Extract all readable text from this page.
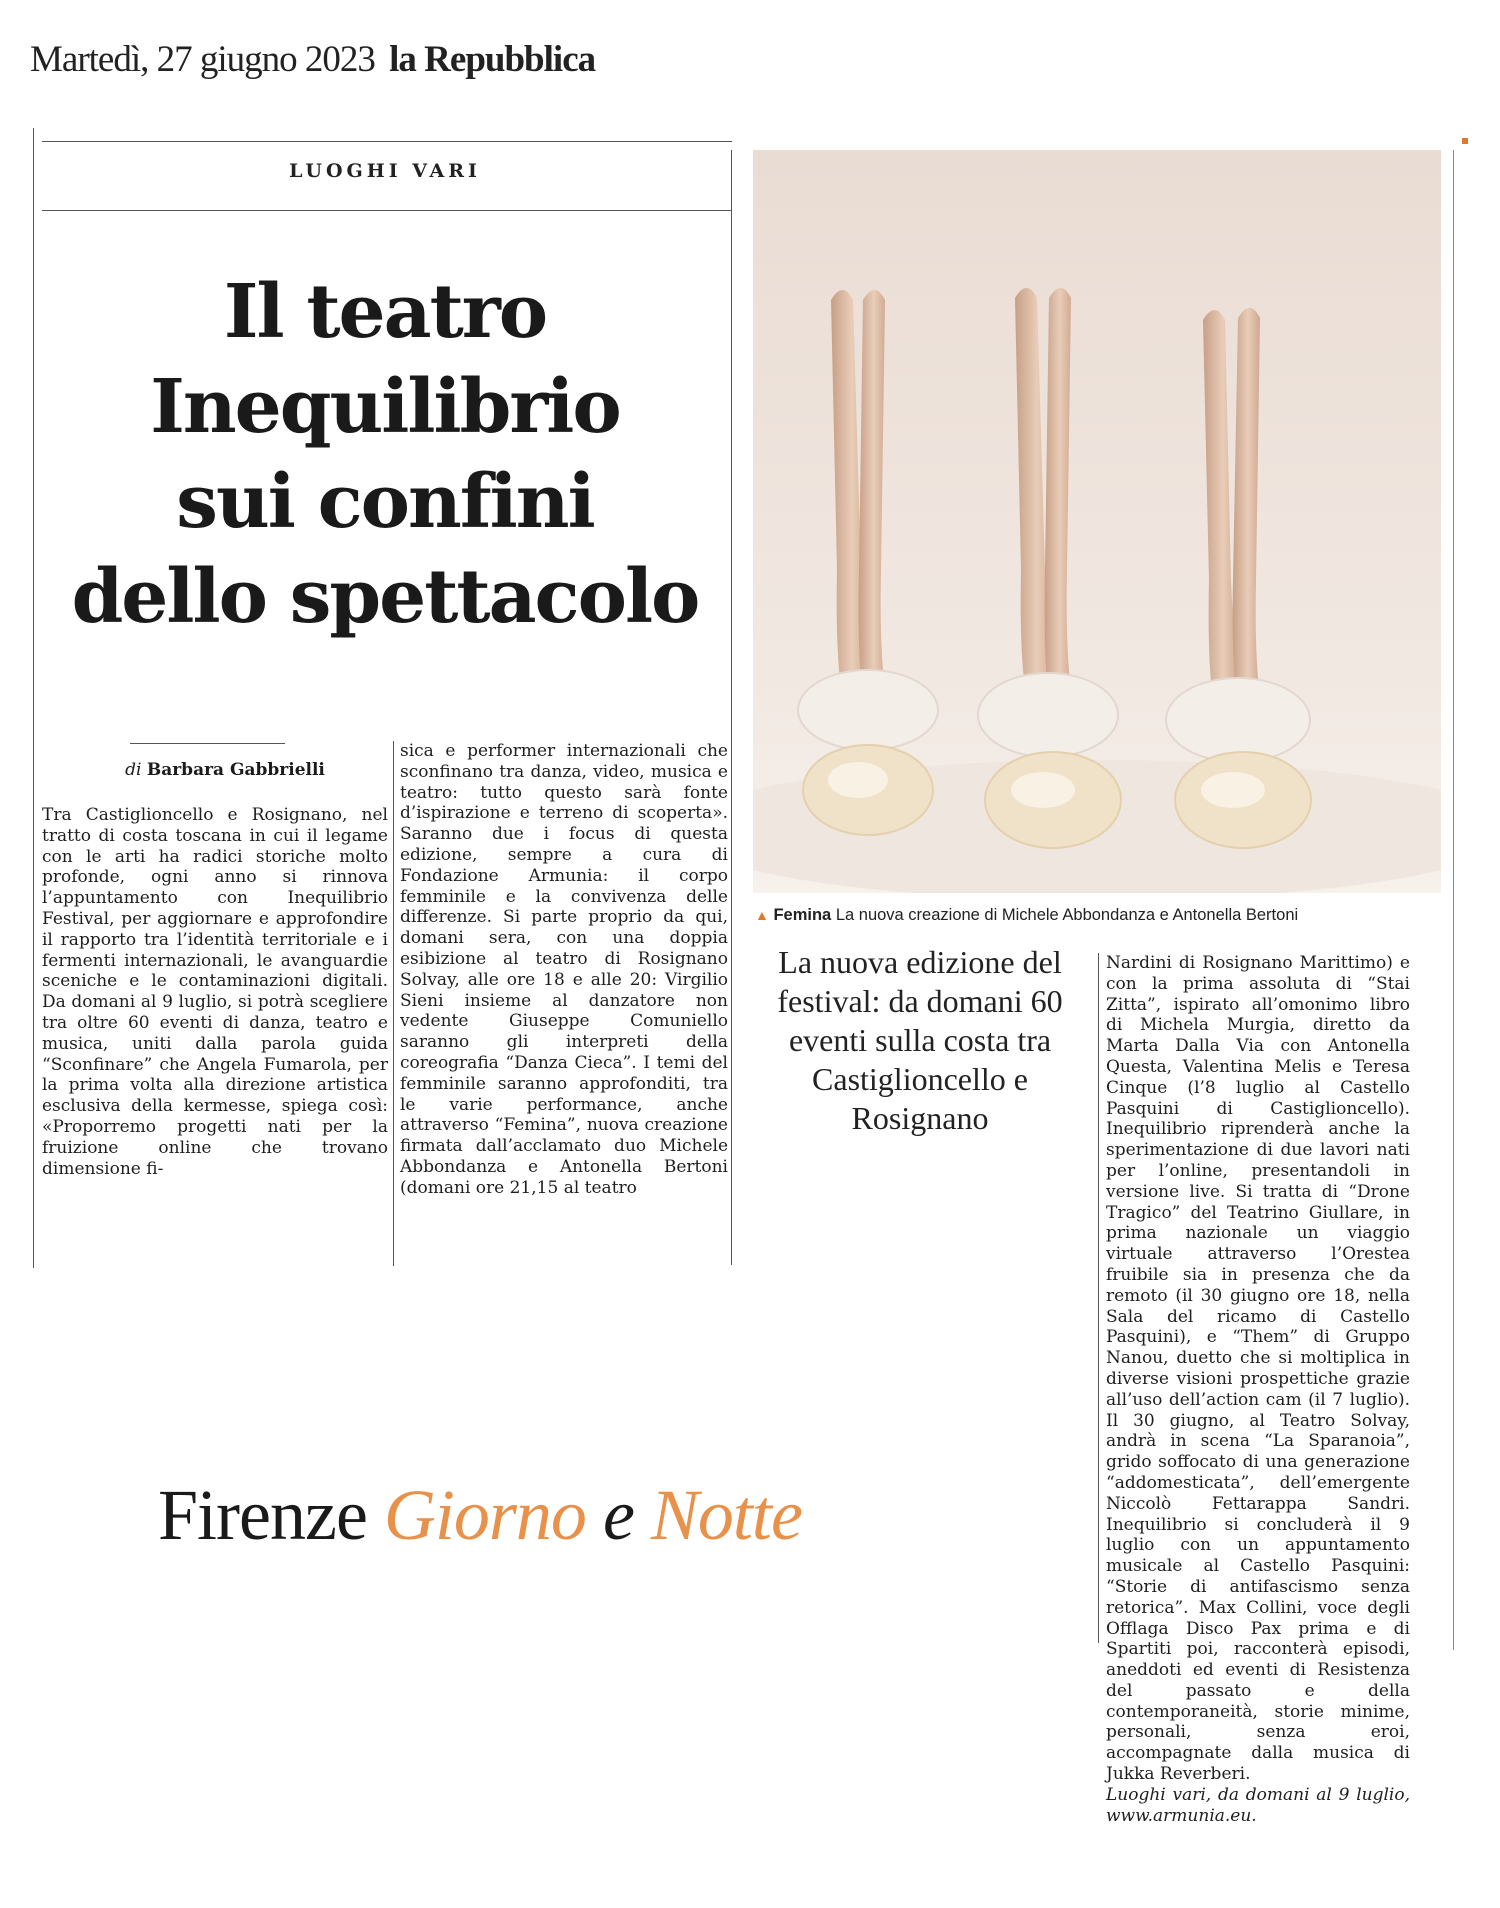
Martedì, 27 giugno 2023 la Repubblica
LUOGHI VARI
Il teatro
Inequilibrio
sui confini
dello spettacolo
di Barbara Gabbrielli

Tra Castiglioncello e Rosignano, nel tratto di costa toscana in cui il legame con le arti ha radici storiche molto profonde, ogni anno si rinnova l’appuntamento con Inequilibrio Festival, per aggiornare e approfondire il rapporto tra l’identità territoriale e i fermenti internazionali, le avanguardie sceniche e le contaminazioni digitali. Da domani al 9 luglio, si potrà scegliere tra oltre 60 eventi di danza, teatro e musica, uniti dalla parola guida “Sconfinare” che Angela Fumarola, per la prima volta alla direzione artistica esclusiva della kermesse, spiega così: «Proporremo progetti nati per la fruizione online che trovano dimensione fi-

sica e performer internazionali che sconfinano tra danza, video, musica e teatro: tutto questo sarà fonte d’ispirazione e terreno di scoperta». Saranno due i focus di questa edizione, sempre a cura di Fondazione Armunia: il corpo femminile e la convivenza delle differenze. Si parte proprio da qui, domani sera, con una doppia esibizione al teatro di Rosignano Solvay, alle ore 18 e alle 20: Virgilio Sieni insieme al danzatore non vedente Giuseppe Comuniello saranno gli interpreti della coreografia “Danza Cieca”. I temi del femminile saranno approfonditi, tra le varie performance, anche attraverso “Femina”, nuova creazione firmata dall’acclamato duo Michele Abbondanza e Antonella Bertoni (domani ore 21,15 al teatro

▲ Femina La nuova creazione di Michele Abbondanza e Antonella Bertoni

La nuova edizione del festival: da domani 60 eventi sulla costa tra Castiglioncello e Rosignano

Nardini di Rosignano Marittimo) e con la prima assoluta di “Stai Zitta”, ispirato all’omonimo libro di Michela Murgia, diretto da Marta Dalla Via con Antonella Questa, Valentina Melis e Teresa Cinque (l’8 luglio al Castello Pasquini di Castiglioncello). Inequilibrio riprenderà anche la sperimentazione di due lavori nati per l’online, presentandoli in versione live. Si tratta di “Drone Tragico” del Teatrino Giullare, in prima nazionale un viaggio virtuale attraverso l’Orestea fruibile sia in presenza che da remoto (il 30 giugno ore 18, nella Sala del ricamo di Castello Pasquini), e “Them” di Gruppo Nanou, duetto che si moltiplica in diverse visioni prospettiche grazie all’uso dell’action cam (il 7 luglio). Il 30 giugno, al Teatro Solvay, andrà in scena “La Sparanoia”, grido soffocato di una generazione “addomesticata”, dell’emergente Niccolò Fettarappa Sandri. Inequilibrio si concluderà il 9 luglio con un appuntamento musicale al Castello Pasquini: “Storie di antifascismo senza retorica”. Max Collini, voce degli Offlaga Disco Pax prima e di Spartiti poi, racconterà episodi, aneddoti ed eventi di Resistenza del passato e della contemporaneità, storie minime, personali, senza eroi, accompagnate dalla musica di Jukka Reverberi.

Luoghi vari, da domani al 9 luglio, www.armunia.eu.

Firenze Giorno e Notte
